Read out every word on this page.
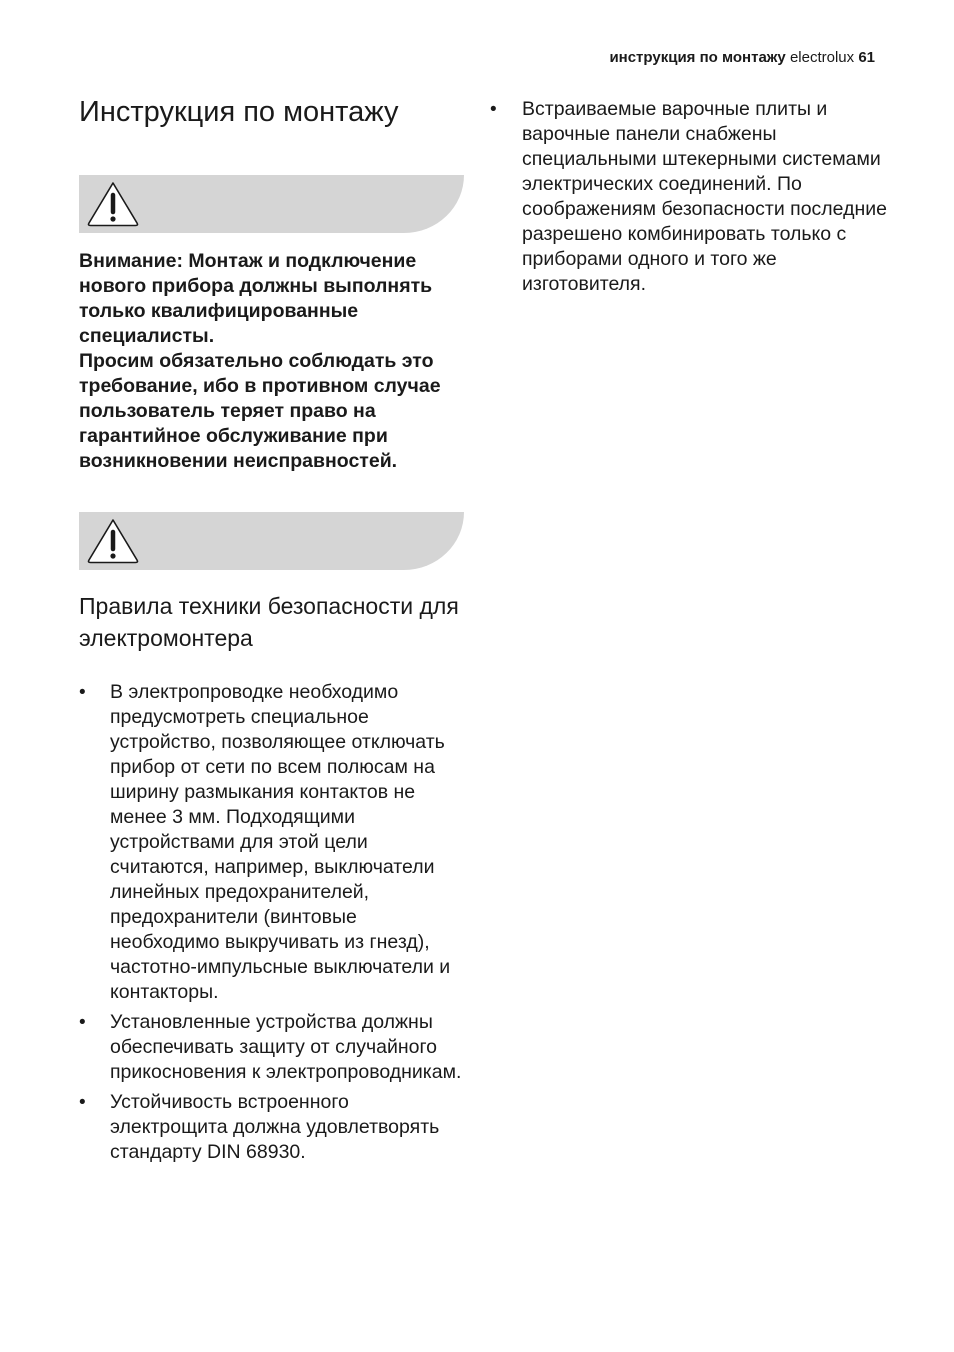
инструкция по монтажу electrolux 61
Инструкция по монтажу

Внимание: Монтаж и подключение нового прибора должны выполнять только квалифицированные специалисты.

Просим обязательно соблюдать это требование, ибо в противном случае пользователь теряет право на гарантийное обслуживание при возникновении неисправностей.

Правила техники безопасности для электромонтера
• В электропроводке необходимо предусмотреть специальное устройство, позволяющее отключать прибор от сети по всем полюсам на ширину размыкания контактов не менее 3 мм. Подходящими устройствами для этой цели считаются, например, выключатели линейных предохранителей, предохранители (винтовые необходимо выкручивать из гнезд), частотно-импульсные выключатели и контакторы.
• Установленные устройства должны обеспечивать защиту от случайного прикосновения к электропроводникам.
• Устойчивость встроенного электрощита должна удовлетворять стандарту DIN 68930.
• Встраиваемые варочные плиты и варочные панели снабжены специальными штекерными системами электрических соединений. По соображениям безопасности последние разрешено комбинировать только с приборами одного и того же изготовителя.
